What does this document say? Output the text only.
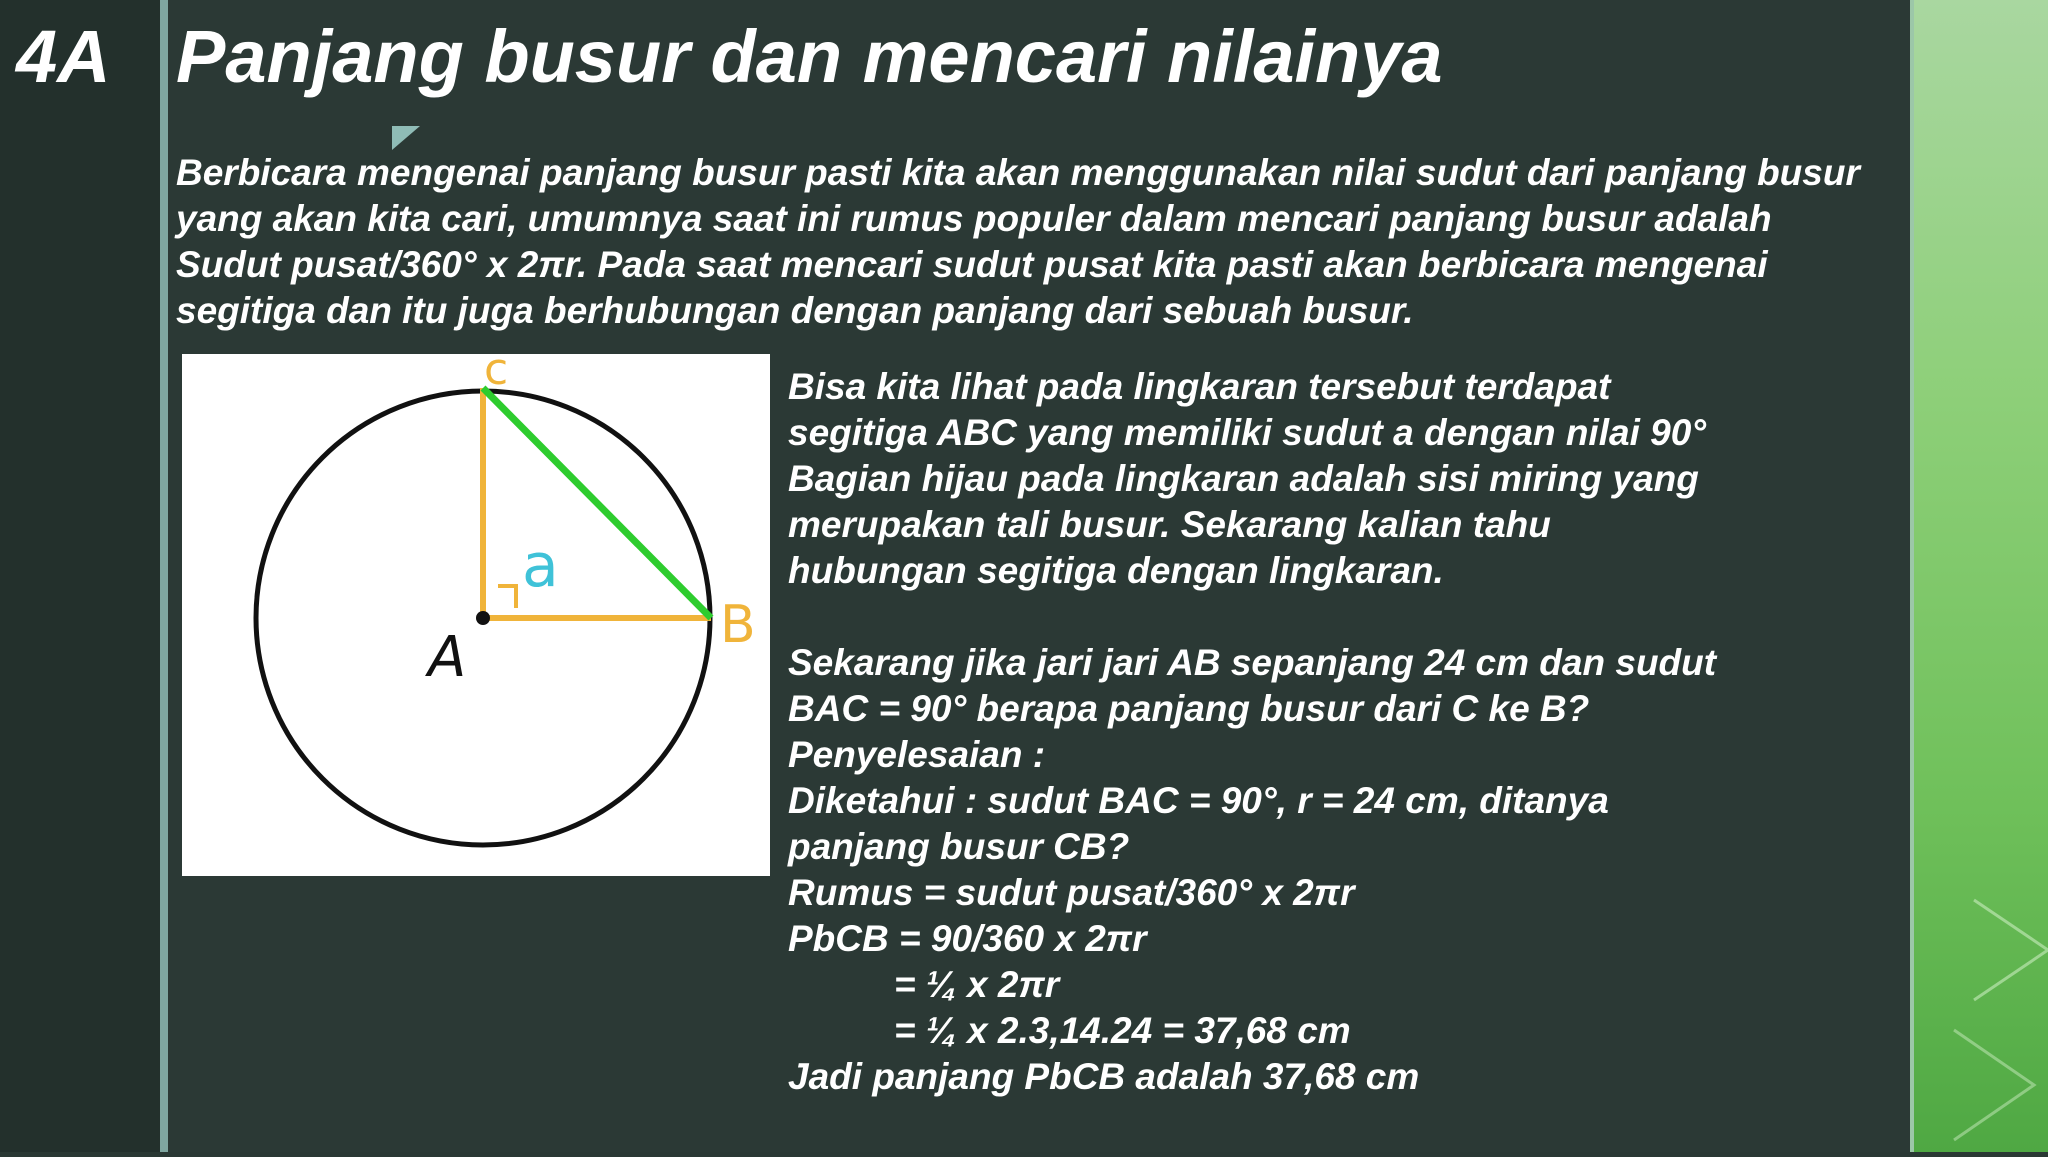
4A Panjang busur dan mencari nilainya
Berbicara mengenai panjang busur pasti kita akan menggunakan nilai sudut dari panjang busur
yang akan kita cari, umumnya saat ini rumus populer dalam mencari panjang busur adalah
Sudut pusat/360° x 2πr. Pada saat mencari sudut pusat kita pasti akan berbicara mengenai
segitiga dan itu juga berhubungan dengan panjang dari sebuah busur.
c
a
A	B
Bisa kita lihat pada lingkaran tersebut terdapat
segitiga ABC yang memiliki sudut a dengan nilai 90°
Bagian hijau pada lingkaran adalah sisi miring yang
merupakan tali busur. Sekarang kalian tahu
hubungan segitiga dengan lingkaran.
Sekarang jika jari jari AB sepanjang 24 cm dan sudut
BAC = 90° berapa panjang busur dari C ke B?
Penyelesaian :
Diketahui : sudut BAC = 90°, r = 24 cm, ditanya
panjang busur CB?
Rumus = sudut pusat/360° x 2πr
PbCB = 90/360 x 2πr
= ¼ x 2πr
= ¼ x 2.3,14.24 = 37,68 cm
Jadi panjang PbCB adalah 37,68 cm
